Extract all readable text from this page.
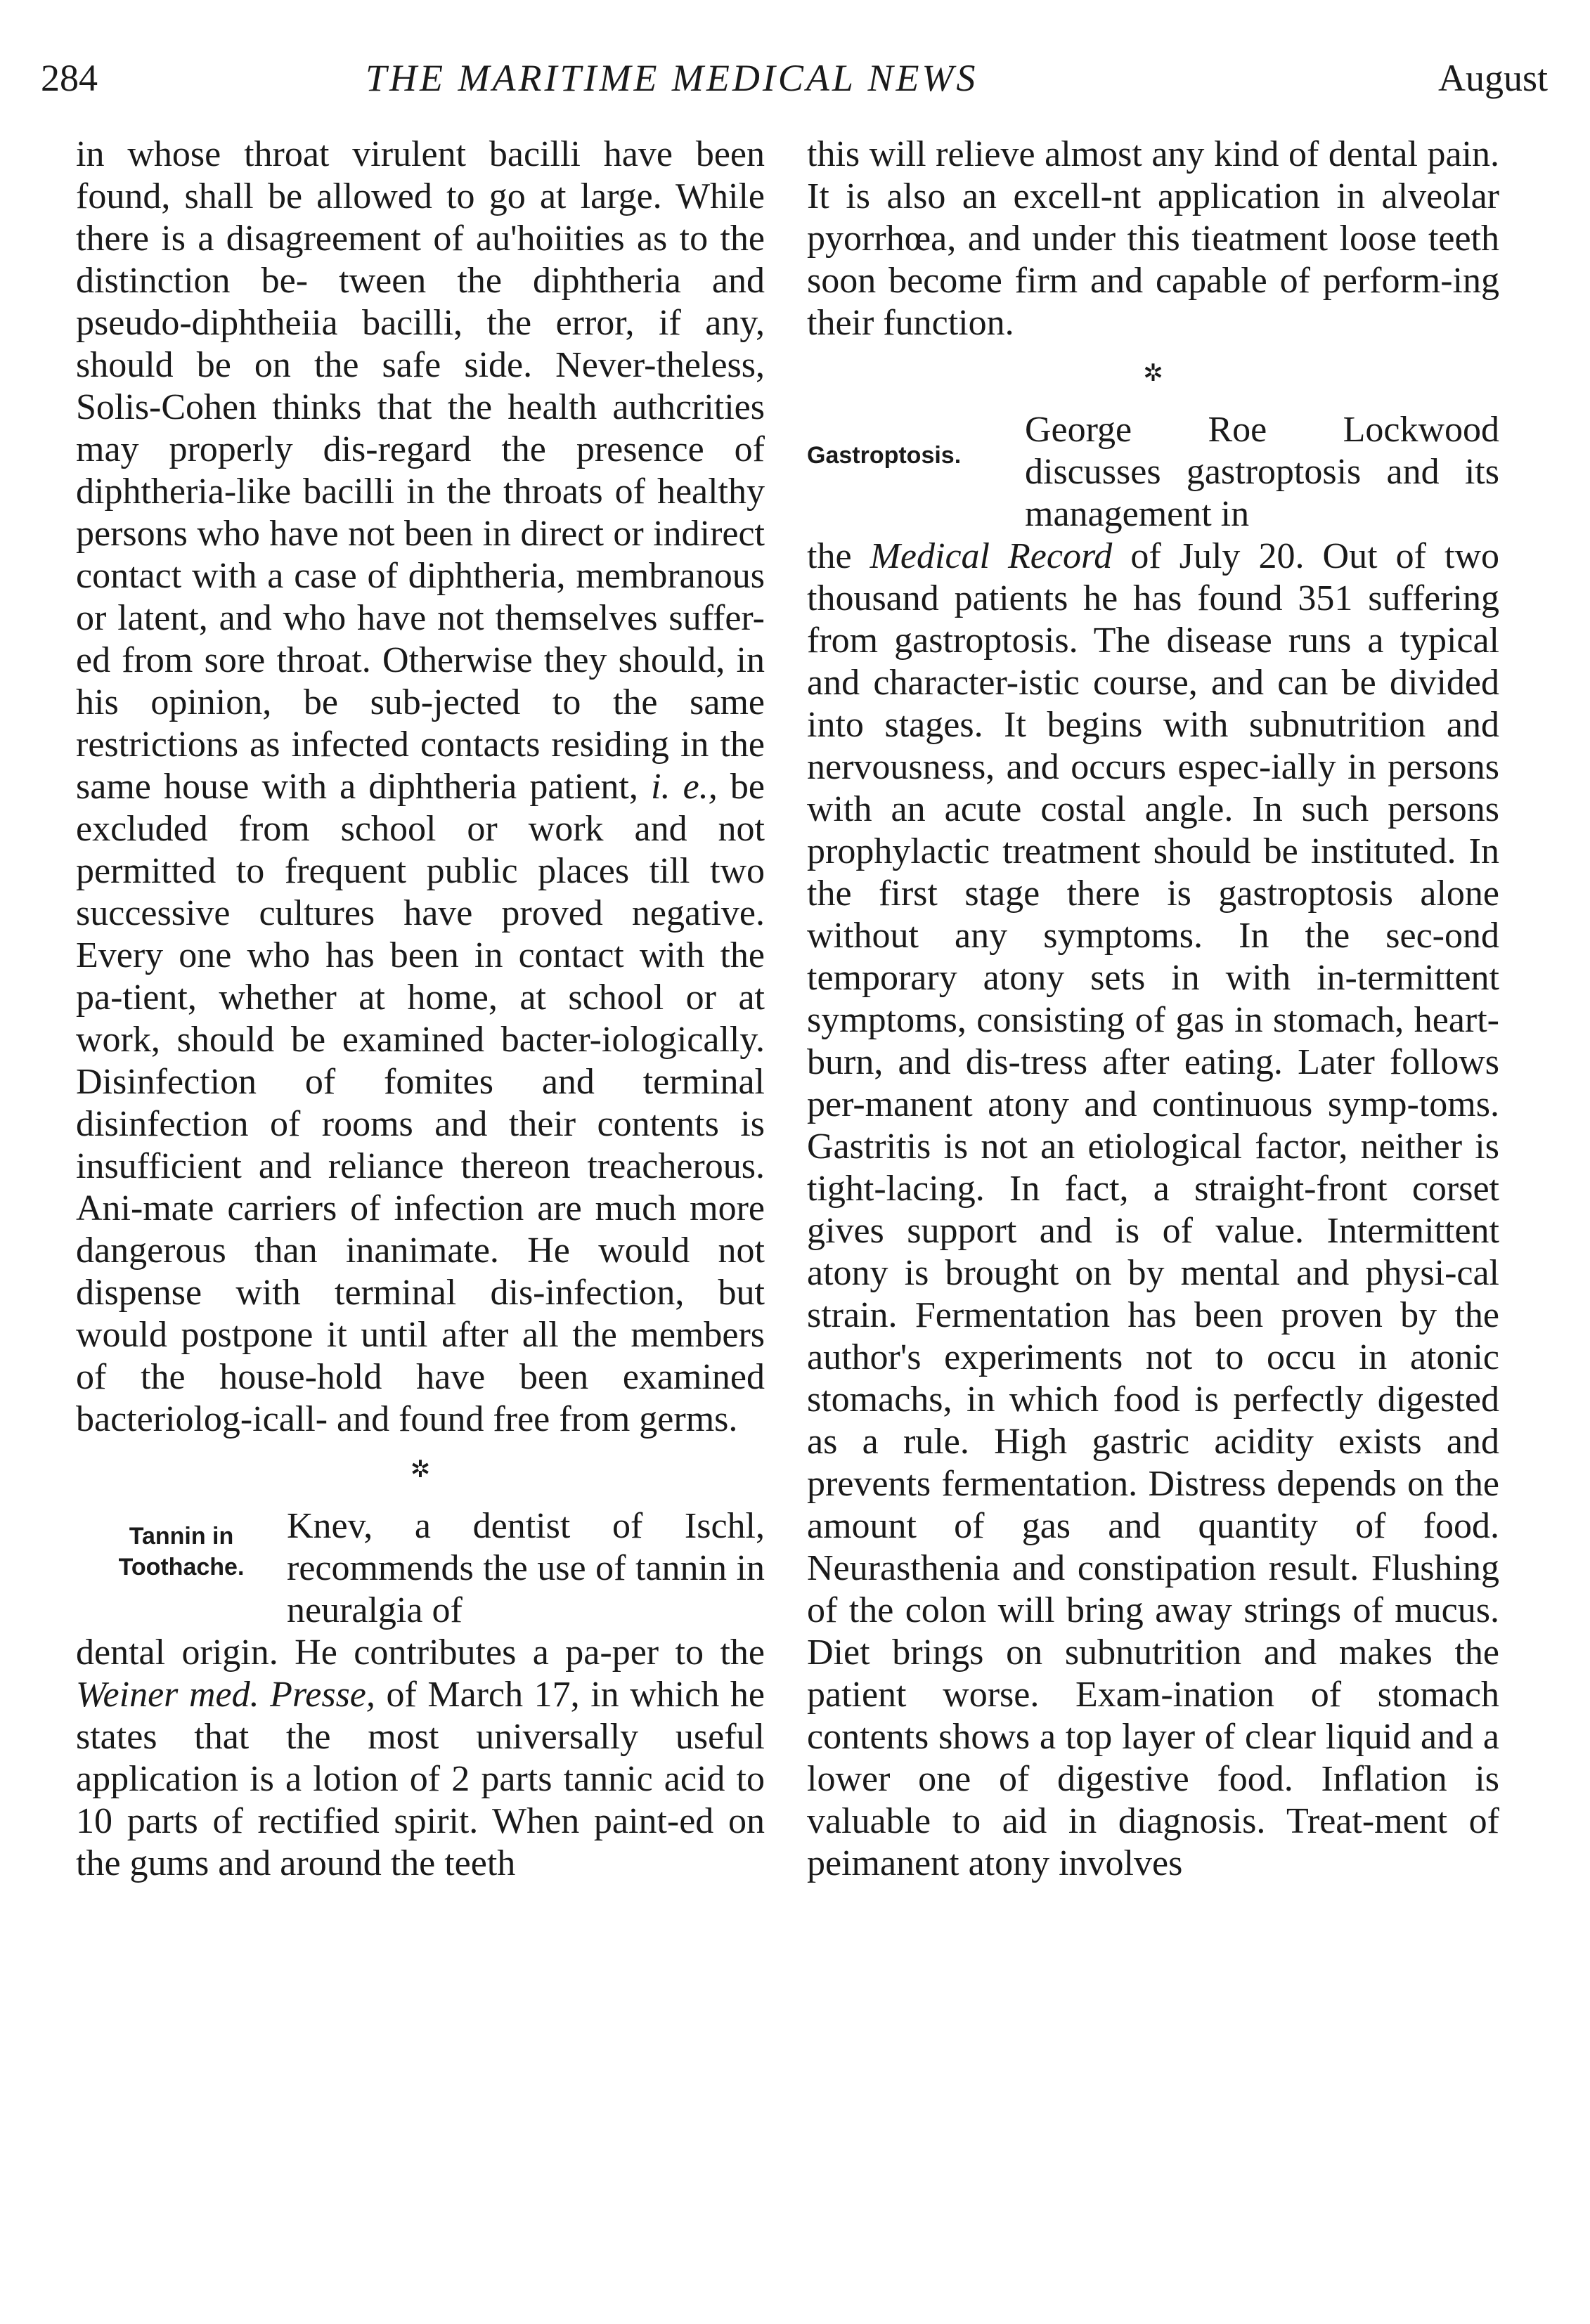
284	THE MARITIME MEDICAL NEWS	August

in whose throat virulent bacilli have been found, shall be allowed to go at large. While there is a disagreement of au'hoiities as to the distinction be- tween the diphtheria and pseudo-diphtheiia bacilli, the error, if any, should be on the safe side. Never-theless, Solis-Cohen thinks that the health authcrities may properly dis-regard the presence of diphtheria-like bacilli in the throats of healthy persons who have not been in direct or indirect contact with a case of diphtheria, membranous or latent, and who have not themselves suffer-ed from sore throat. Otherwise they should, in his opinion, be sub-jected to the same restrictions as infected contacts residing in the same house with a diphtheria patient, i. e., be excluded from school or work and not permitted to frequent public places till two successive cultures have proved negative. Every one who has been in contact with the pa-tient, whether at home, at school or at work, should be examined bacter-iologically. Disinfection of fomites and terminal disinfection of rooms and their contents is insufficient and reliance thereon treacherous. Ani-mate carriers of infection are much more dangerous than inanimate. He would not dispense with terminal dis-infection, but would postpone it until after all the members of the house-hold have been examined bacteriolog-icall- and found free from germs.

✲
Tannin in
Toothache.
Knev, a dentist of Ischl, recommends the use of tannin in neuralgia of

dental origin. He contributes a pa-per to the Weiner med. Presse, of March 17, in which he states that the most universally useful application is a lotion of 2 parts tannic acid to 10 parts of rectified spirit. When paint-ed on the gums and around the teeth

this will relieve almost any kind of dental pain. It is also an excell-nt application in alveolar pyorrhœa, and under this tieatment loose teeth soon become firm and capable of perform-ing their function.

✲
Gastroptosis.
George Roe Lockwood discusses gastroptosis and its management in

the Medical Record of July 20. Out of two thousand patients he has found 351 suffering from gastroptosis. The disease runs a typical and character-istic course, and can be divided into stages. It begins with subnutrition and nervousness, and occurs espec-ially in persons with an acute costal angle. In such persons prophylactic treatment should be instituted. In the first stage there is gastroptosis alone without any symptoms. In the sec-ond temporary atony sets in with in-termittent symptoms, consisting of gas in stomach, heart-burn, and dis-tress after eating. Later follows per-manent atony and continuous symp-toms. Gastritis is not an etiological factor, neither is tight-lacing. In fact, a straight-front corset gives support and is of value. Intermittent atony is brought on by mental and physi-cal strain. Fermentation has been proven by the author's experiments not to occu in atonic stomachs, in which food is perfectly digested as a rule. High gastric acidity exists and prevents fermentation. Distress depends on the amount of gas and quantity of food. Neurasthenia and constipation result. Flushing of the colon will bring away strings of mucus. Diet brings on subnutrition and makes the patient worse. Exam-ination of stomach contents shows a top layer of clear liquid and a lower one of digestive food. Inflation is valuable to aid in diagnosis. Treat-ment of peimanent atony involves
